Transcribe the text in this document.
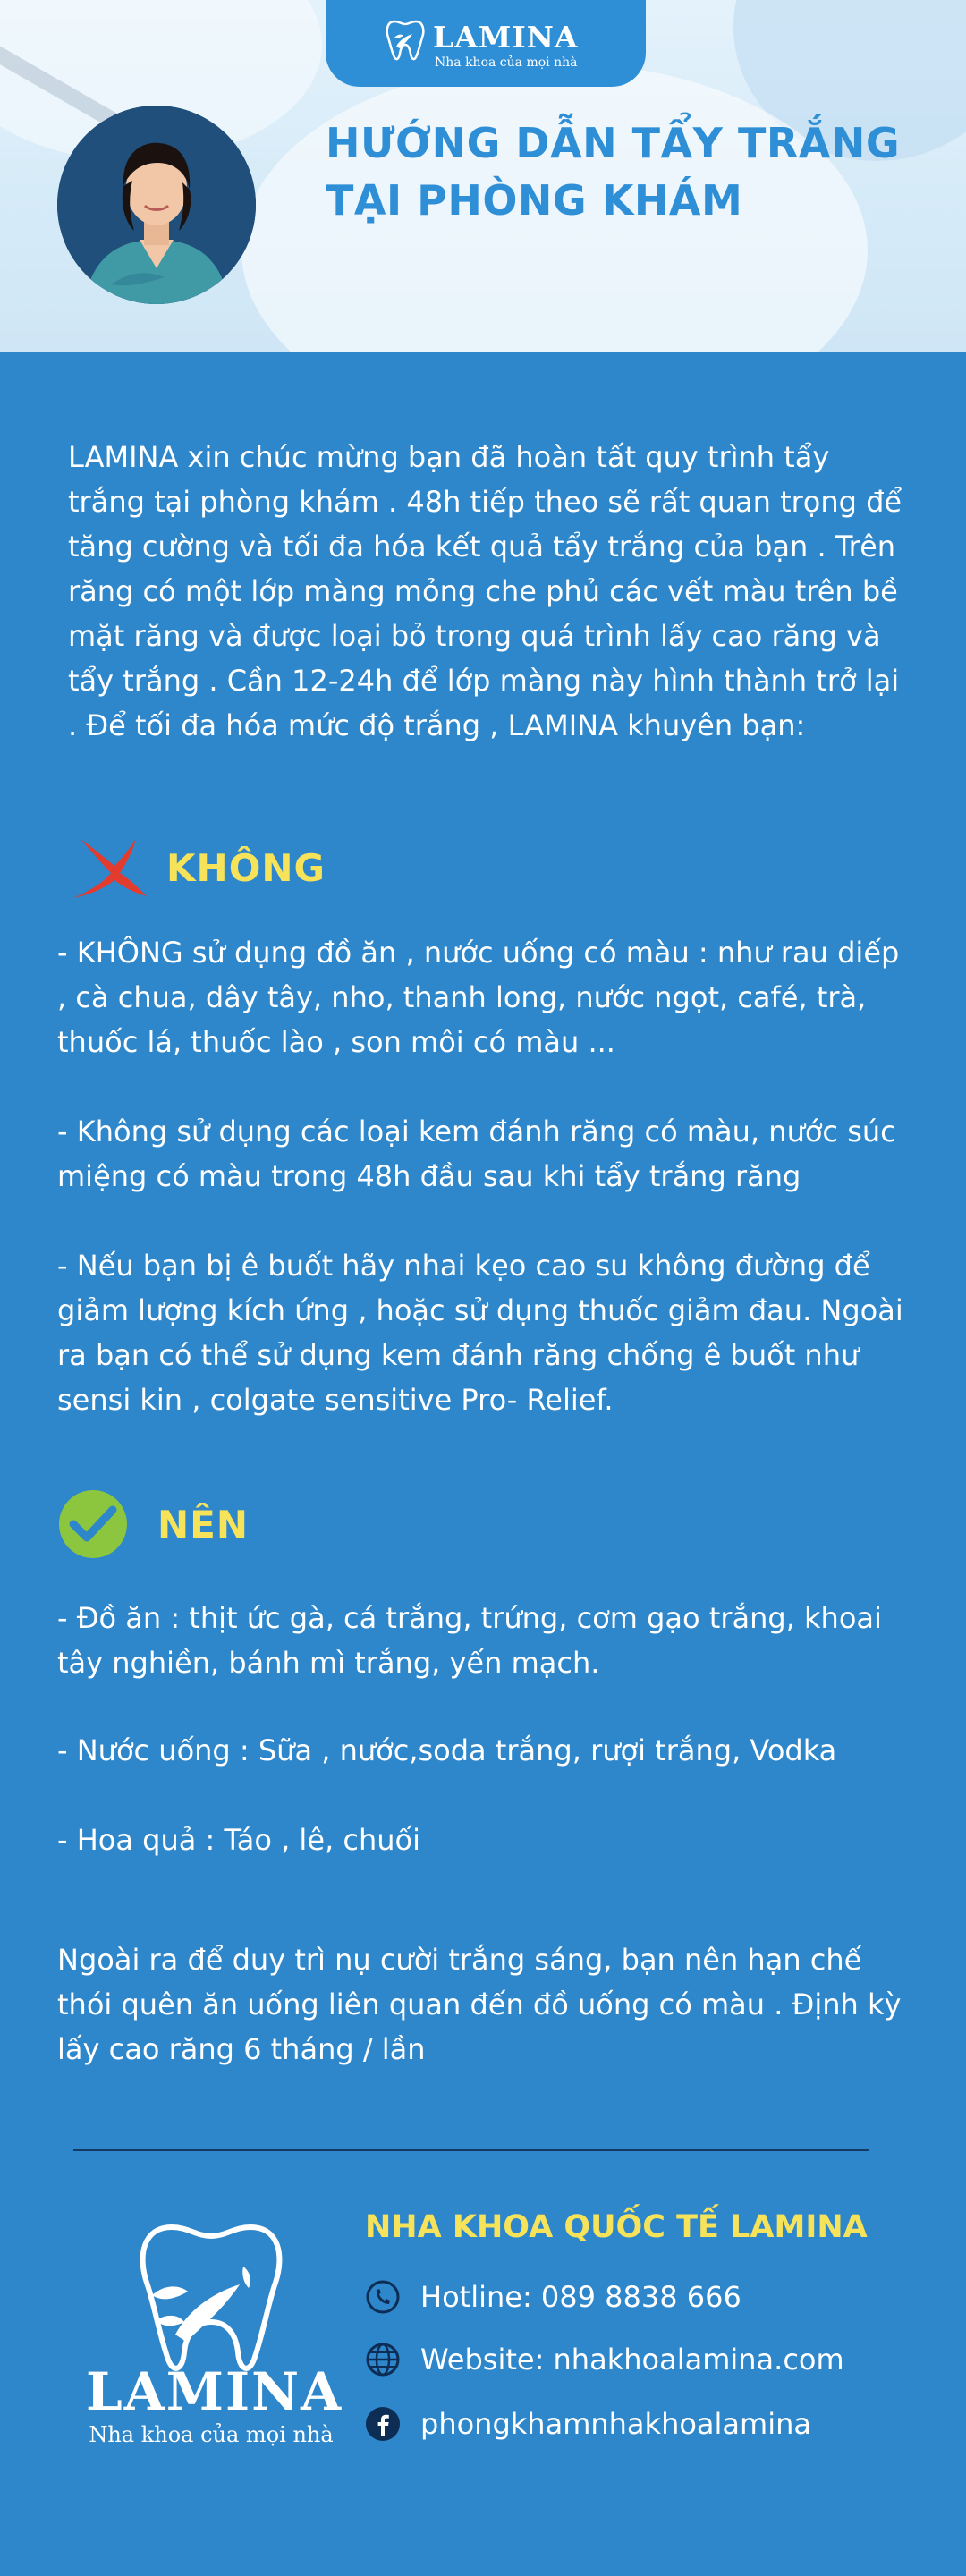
LAMINA
Nha khoa của mọi nhà
HƯỚNG DẪN TẨY TRẮNG
TẠI PHÒNG KHÁM
LAMINA xin chúc mừng bạn đã hoàn tất quy trình tẩy trắng tại phòng khám . 48h tiếp theo sẽ rất quan trọng để tăng cường và tối đa hóa kết quả tẩy trắng của bạn . Trên răng có một lớp màng mỏng che phủ các vết màu trên bề mặt răng và được loại bỏ trong quá trình lấy cao răng và tẩy trắng . Cần 12-24h để lớp màng này hình thành trở lại . Để tối đa hóa mức độ trắng , LAMINA khuyên bạn:
KHÔNG
- KHÔNG sử dụng đồ ăn , nước uống có màu : như rau diếp , cà chua, dây tây, nho, thanh long, nước ngọt, café, trà, thuốc lá, thuốc lào , son môi có màu ...
- Không sử dụng các loại kem đánh răng có màu, nước súc miệng có màu trong 48h đầu sau khi tẩy trắng răng
- Nếu bạn bị ê buốt hãy nhai kẹo cao su không đường để giảm lượng kích ứng , hoặc sử dụng thuốc giảm đau. Ngoài ra bạn có thể sử dụng kem đánh răng chống ê buốt như sensi kin , colgate sensitive Pro- Relief.
NÊN
- Đồ ăn : thịt ức gà, cá trắng, trứng, cơm gạo trắng, khoai tây nghiền, bánh mì trắng, yến mạch.
- Nước uống : Sữa , nước,soda trắng, rượi trắng, Vodka
- Hoa quả : Táo , lê, chuối
Ngoài ra để duy trì nụ cười trắng sáng, bạn nên hạn chế thói quên ăn uống liên quan đến đồ uống có màu . Định kỳ lấy cao răng 6 tháng / lần
LAMINA
Nha khoa của mọi nhà
NHA KHOA QUỐC TẾ LAMINA
Hotline: 089 8838 666
Website: nhakhoalamina.com
phongkhamnhakhoalamina
